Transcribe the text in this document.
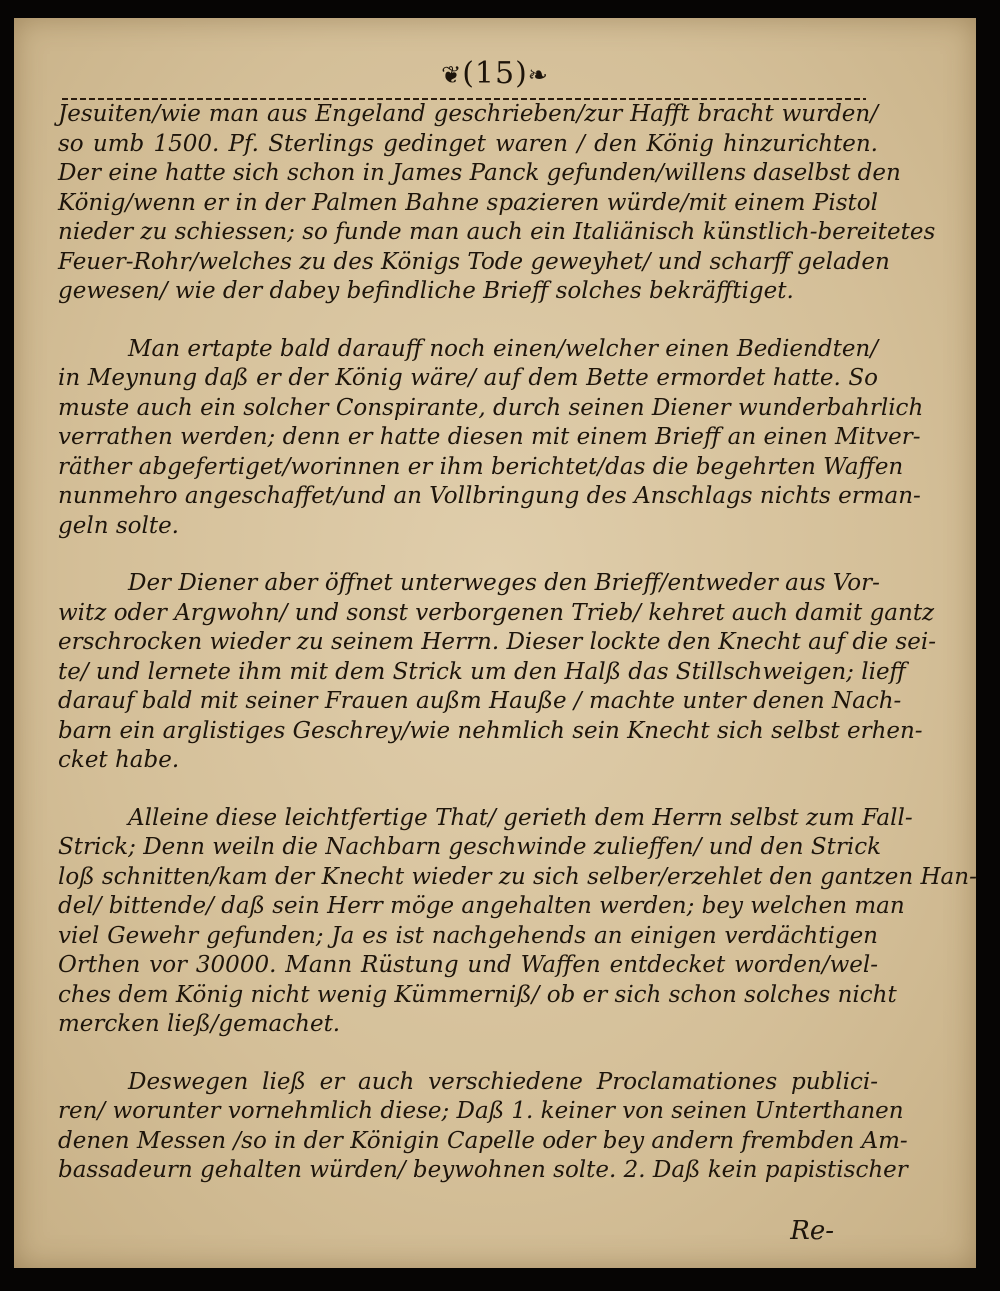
❦(15)❧
Jesuiten/wie man aus Engeland geschrieben/zur Hafft bracht wurden/
so umb 1500. Pf. Sterlings gedinget waren / den König hinzurichten.
Der eine hatte sich schon in James Panck gefunden/willens daselbst den
König/wenn er in der Palmen Bahne spazieren würde/mit einem Pistol
nieder zu schiessen; so funde man auch ein Italiänisch künstlich-bereitetes
Feuer-Rohr/welches zu des Königs Tode geweyhet/ und scharff geladen
gewesen/ wie der dabey befindliche Brieff solches bekräfftiget.
Man ertapte bald darauff noch einen/welcher einen Bediendten/
in Meynung daß er der König wäre/ auf dem Bette ermordet hatte. So
muste auch ein solcher Conspirante, durch seinen Diener wunderbahrlich
verrathen werden; denn er hatte diesen mit einem Brieff an einen Mitver-
räther abgefertiget/worinnen er ihm berichtet/das die begehrten Waffen
nunmehro angeschaffet/und an Vollbringung des Anschlags nichts erman-
geln solte.
Der Diener aber öffnet unterweges den Brieff/entweder aus Vor-
witz oder Argwohn/ und sonst verborgenen Trieb/ kehret auch damit gantz
erschrocken wieder zu seinem Herrn. Dieser lockte den Knecht auf die sei-
te/ und lernete ihm mit dem Strick um den Halß das Stillschweigen; lieff
darauf bald mit seiner Frauen außm Hauße / machte unter denen Nach-
barn ein arglistiges Geschrey/wie nehmlich sein Knecht sich selbst erhen-
cket habe.
Alleine diese leichtfertige That/ gerieth dem Herrn selbst zum Fall-
Strick; Denn weiln die Nachbarn geschwinde zulieffen/ und den Strick
loß schnitten/kam der Knecht wieder zu sich selber/erzehlet den gantzen Han-
del/ bittende/ daß sein Herr möge angehalten werden; bey welchen man
viel Gewehr gefunden; Ja es ist nachgehends an einigen verdächtigen
Orthen vor 30000. Mann Rüstung und Waffen entdecket worden/wel-
ches dem König nicht wenig Kümmerniß/ ob er sich schon solches nicht
mercken ließ/gemachet.
Deswegen ließ er auch verschiedene Proclamationes publici-
ren/ worunter vornehmlich diese; Daß 1. keiner von seinen Unterthanen
denen Messen /so in der Königin Capelle oder bey andern frembden Am-
bassadeurn gehalten würden/ beywohnen solte. 2. Daß kein papistischer
Re-
